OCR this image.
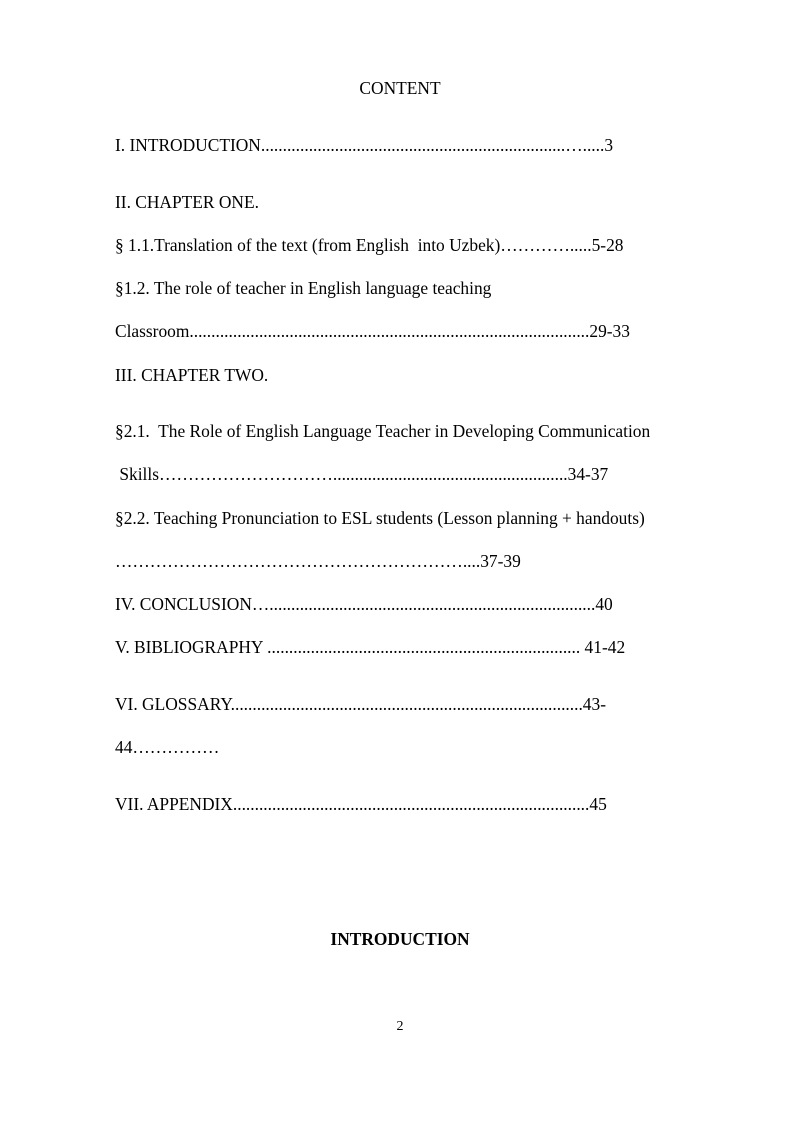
CONTENT
I. INTRODUCTION......................................................................….....3
II. CHAPTER ONE.
§ 1.1.Translation of the text (from English  into Uzbek)………….....5-28
§1.2. The role of teacher in English language teaching
Classroom............................................................................................29-33
III. CHAPTER TWO.
§2.1.  The Role of English Language Teacher in Developing Communication
Skills…………………………......................................................34-37
§2.2. Teaching Pronunciation to ESL students (Lesson planning + handouts)
……………………………………………………....37-39
IV. CONCLUSION…...........................................................................40
V. BIBLIOGRAPHY ........................................................................ 41-42
VI. GLOSSARY.................................................................................43-
44……………
VII. APPENDIX..................................................................................45
INTRODUCTION
2
